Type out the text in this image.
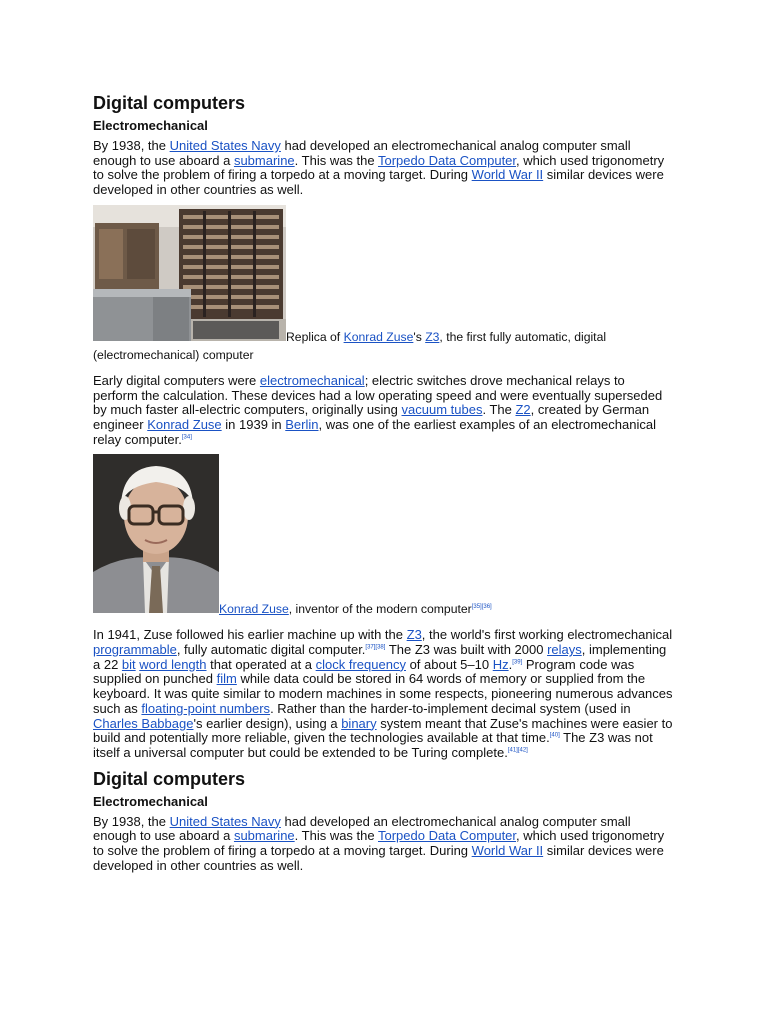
Digital computers
Electromechanical

By 1938, the United States Navy had developed an electromechanical analog computer small enough to use aboard a submarine. This was the Torpedo Data Computer, which used trigonometry to solve the problem of firing a torpedo at a moving target. During World War II similar devices were developed in other countries as well.

Replica of Konrad Zuse's Z3, the first fully automatic, digital (electromechanical) computer

Early digital computers were electromechanical; electric switches drove mechanical relays to perform the calculation. These devices had a low operating speed and were eventually superseded by much faster all-electric computers, originally using vacuum tubes. The Z2, created by German engineer Konrad Zuse in 1939 in Berlin, was one of the earliest examples of an electromechanical relay computer.[34]

Konrad Zuse, inventor of the modern computer[35][36]

In 1941, Zuse followed his earlier machine up with the Z3, the world's first working electromechanical programmable, fully automatic digital computer.[37][38] The Z3 was built with 2000 relays, implementing a 22 bit word length that operated at a clock frequency of about 5–10 Hz.[39] Program code was supplied on punched film while data could be stored in 64 words of memory or supplied from the keyboard. It was quite similar to modern machines in some respects, pioneering numerous advances such as floating-point numbers. Rather than the harder-to-implement decimal system (used in Charles Babbage's earlier design), using a binary system meant that Zuse's machines were easier to build and potentially more reliable, given the technologies available at that time.[40] The Z3 was not itself a universal computer but could be extended to be Turing complete.[41][42]

Digital computers
Electromechanical

By 1938, the United States Navy had developed an electromechanical analog computer small enough to use aboard a submarine. This was the Torpedo Data Computer, which used trigonometry to solve the problem of firing a torpedo at a moving target. During World War II similar devices were developed in other countries as well.
